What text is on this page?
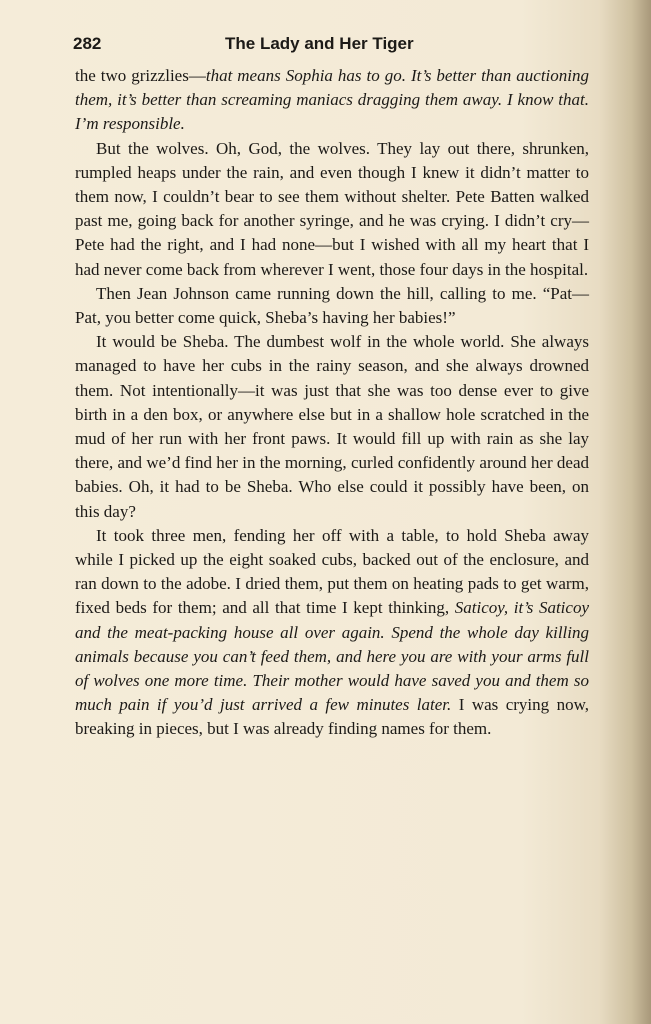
282	The Lady and Her Tiger

the two grizzlies—that means Sophia has to go. It’s better than auctioning them, it’s better than screaming maniacs dragging them away. I know that. I’m responsible.

But the wolves. Oh, God, the wolves. They lay out there, shrunken, rumpled heaps under the rain, and even though I knew it didn’t matter to them now, I couldn’t bear to see them without shelter. Pete Batten walked past me, going back for another syringe, and he was crying. I didn’t cry—Pete had the right, and I had none—but I wished with all my heart that I had never come back from wherever I went, those four days in the hospital.

Then Jean Johnson came running down the hill, calling to me. “Pat—Pat, you better come quick, Sheba’s having her babies!”

It would be Sheba. The dumbest wolf in the whole world. She always managed to have her cubs in the rainy season, and she always drowned them. Not intentionally—it was just that she was too dense ever to give birth in a den box, or anywhere else but in a shallow hole scratched in the mud of her run with her front paws. It would fill up with rain as she lay there, and we’d find her in the morning, curled confidently around her dead babies. Oh, it had to be Sheba. Who else could it possibly have been, on this day?

It took three men, fending her off with a table, to hold Sheba away while I picked up the eight soaked cubs, backed out of the enclosure, and ran down to the adobe. I dried them, put them on heating pads to get warm, fixed beds for them; and all that time I kept thinking, Saticoy, it’s Saticoy and the meat-packing house all over again. Spend the whole day killing animals because you can’t feed them, and here you are with your arms full of wolves one more time. Their mother would have saved you and them so much pain if you’d just arrived a few minutes later. I was crying now, breaking in pieces, but I was already finding names for them.
